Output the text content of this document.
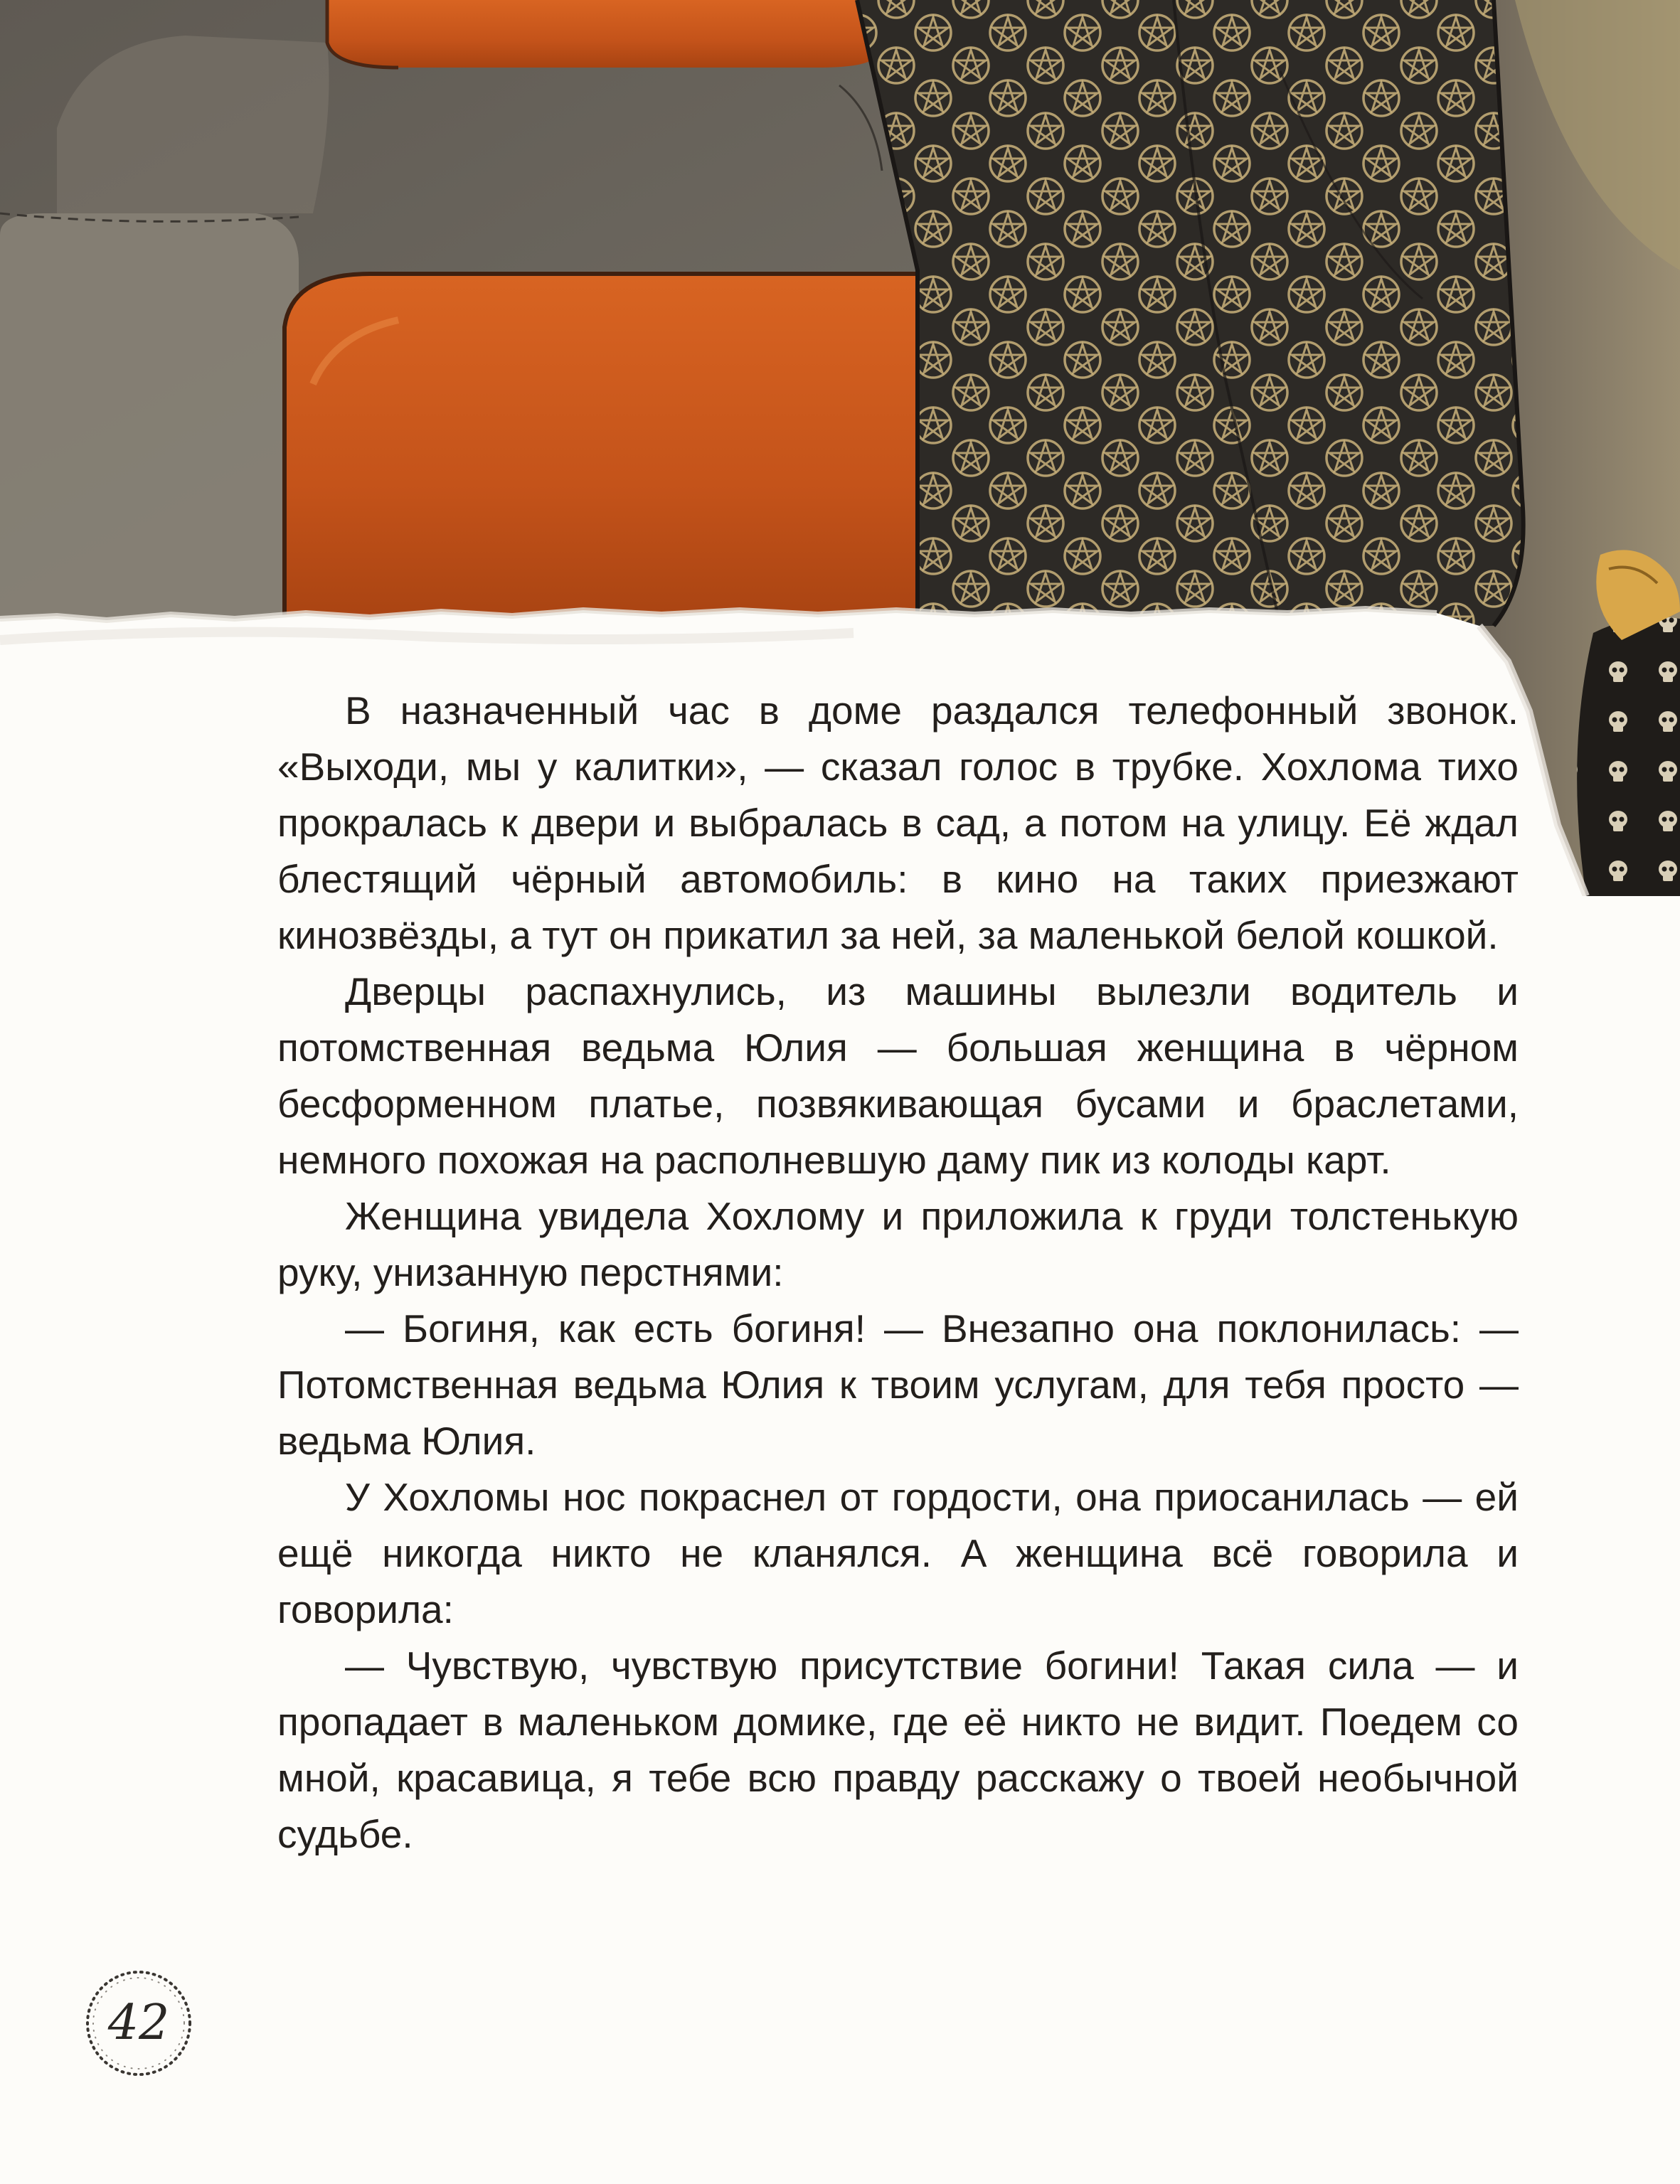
В назначенный час в доме раздался телефонный звонок. «Выходи, мы у калитки», — сказал голос в трубке. Хохлома тихо прокралась к двери и выбралась в сад, а потом на улицу. Её ждал блестящий чёрный автомобиль: в кино на таких приезжают кинозвёзды, а тут он прикатил за ней, за маленькой белой кошкой.

Дверцы распахнулись, из машины вылезли водитель и потомственная ведьма Юлия — большая женщина в чёрном бесформенном платье, позвякивающая бусами и браслетами, немного похожая на располневшую даму пик из колоды карт.

Женщина увидела Хохлому и приложила к груди толстенькую руку, унизанную перстнями:

— Богиня, как есть богиня! — Внезапно она поклонилась: — Потомственная ведьма Юлия к твоим услугам, для тебя просто — ведьма Юлия.

У Хохломы нос покраснел от гордости, она приосанилась — ей ещё никогда никто не кланялся. А женщина всё говорила и говорила:

— Чувствую, чувствую присутствие богини! Такая сила — и пропадает в маленьком домике, где её никто не видит. Поедем со мной, красавица, я тебе всю правду расскажу о твоей необычной судьбе.

42
